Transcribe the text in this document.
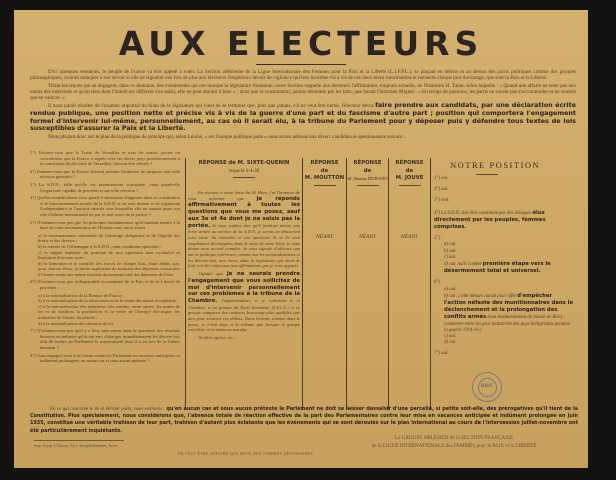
AUX ELECTEURS

D'ici quelques semaines, le peuple de France va être appelé à voter. La Section arlésienne de la Ligue Internationale des Femmes pour la Paix et la Liberté (L.I.F.P.L.), se plaçant en dehors et au dessus des partis politiques comme des groupes philosophiques, croirait manquer à son devoir si elle ne signalait une fois de plus aux électeurs l'impérieux devoir de vigilance qui leur incombe vis à vis de ces deux biens inestimables et menacés chaque jour davantage, que sont la Paix et la Liberté.

Tirant les leçons qui se dégagent, dans ce domaine, des événements qui ont marqué la législature finissante, notre Section rappelle aux électeurs l'affirmation, toujours actuelle, de l'historien H. Taine, selon laquelle : « Quand une affaire ne reste pas aux mains des intéressés et qu'un tiers dont l'intérêt est différent s'en saisit, elle ne peut aboutir à bien » ; ainsi que la constatation, jamais démentie par les faits, que faisait l'historien Mignet : « En temps de passions, les partis ne savent pas s'accommoder et ne veulent que se vaincre. »

Il nous paraît résulter de l'examen impartial du bilan de la législature qui vient de se terminer que, plus que jamais, s'il ne veut être berné, l'électeur devra faire prendre aux candidats, par une déclaration écrite rendue publique, une position nette et précise vis à vis de la guerre d'une part et du fascisme d'autre part ; position qui comportera l'engagement formel d'intervenir lui-même, personnellement, au cas où il serait élu, à la tribune du Parlement pour y déposer puis y défendre tous textes de lois susceptibles d'assurer la Paix et la Liberté.

Nous plaçant donc sur le plan de la politique de principe qui, selon Lénine, « est l'unique politique juste » nous avons adressé aux divers candidats le questionnaire suivant :

1°) Estimez-vous que le Traité de Versailles et tous les traités, pactes ou conventions que la France a signés avec les divers pays postérieurement à la conclusion du dit traité de Versailles, doivent être révisés ?
2°) Estimez-vous que la France doivent prendre l'initiative de proposer une telle révision générale ?
3°) La S.D.N., telle qu'elle est présentement constituée, vous paraît-elle l'organisme capable de procéder à une telle révision ?
4°) Quelles modifications vous paraît-il nécessaire d'apporter dans la constitution et le fonctionnement actuels de la S.D.N. si on veut donner à cet organisme l'indépendance et l'autorité morale sans lesquelles elle ne saurait jouer son rôle d'arbitre international ou par le seul souci de la justice ?
5°) N'estimez-vous pas que les principes fondamentaux qu'il faudrait mettre à la base de cette reconstruction de l'Europe sont, entre autres :
a) la reconnaissance solennelle de l'arbitrage obligatoire et de l'égalité des droits et des devoirs ;
b) la rentrée de l'Allemagne à la S.D.N., sans conditions spéciales ;
c) le rappel explicite du principe de non agression sans exclusive ni limitation d'aucune sorte ;
d) la limitation et le contrôle des forces de chaque Etat, étant admis que, pour chacun d'eux, la limite supérieure du montant des dépenses consacrées à l'armée serait une même fraction du montant total des dépenses de l'état.
6°) N'estimez-vous pas indispensable au maintien de la Paix et de la Liberté de procéder :
a) à la nationalisation de la Banque de France ;
b) à la nationalisation de la fabrication et de la vente des armes et explosifs ;
c) à la nationalisation des industries clés comme, entre autres, les mines de fer et de charbon, la production et la vente de l'énergie électrique, les industries de l'azote, du pétrole ;
d) à la nationalisation des chemins de fer.
7°) N'estimez-vous pas qu'il y a lieu, sans entrer dans le questions des résultats heureux ou néfastes qu'ils ont eus, d'abroger immédiatement les décrets-lois afin de rendre au Parlement la souveraineté dont il a eu tort de se laisser dessaisir ?
8°) Vous engagez-vous à ne laisser mettre le Parlement en vacances anticipées ou indûment prolongées, en aucun cas et sous aucun prétexte ?
RÉPONSE de M. SIXTE-QUENIN
reçue le 1-4-36
RÉPONSE
de
M. MOUTTON
RÉPONSE
de
M. Marius DURAND
RÉPONSE
de
M. JOUVE

En réponse à votre lettre du 30 Mars, j'ai l'honneur de vous informer que je réponds affirmativement à toutes les questions que vous me posez, sauf aux 3e et 4e dont je ne saisis pas la portée. Si vous vouliez dire qu'il faudrait mettre une force armée au service de la S.D.N. je serais en désaccord avec vous. Au contraire si vos questions 3e et 4e sont simplement développées dans le suite de votre lettre je vous donne mon accord complet. Je vous signale d'ailleurs que sur la politique extérieure, comme sur les nationalisations et les décrets-lois, mes votes, dans la législature qui vient de finir ont été conformes aux affirmations que je vous apporte.

J'ajoute que je ne saurais prendre l'engagement que vous sollicitez de moi d'intervenir personnellement sur ces problèmes à la tribune de la Chambre. J'appartiendrai, si je redeviens à la Chambre, à un groupe du Parti Socialiste (S.F.I.O.) et ce groupe comptera des orateurs beaucoup plus qualifiés que moi pour soutenir ces débats. Dans l'avenir, comme dans le passé, je n'irai donc à la tribune que lorsque le groupe socialiste m'en donnera mandat.

Veuillez agréer, etc...

NÉANT	NÉANT	NÉANT
NOTRE POSITION
1°) oui.
2°) oui.
3°) non.
4°) La S.D.N. doit être constituée par des délégués élus directement par les peuples, femmes comprises.
5°) :
a) oui.
b) oui.
c) oui.
d) oui, mais comme première étape vers le désarmement total et universel.
6°) :
a) oui.
b) oui ; cette mesure aurait pour effet d'empêcher l'action néfaste des munitionnaires dans le déclenchement et la prolongation des conflits armés (non bombardement du bassin de Briey ; commerce entre les gros industriels des pays belligérants pendant la guerre 1914-18.)
c) oui.
d) oui.
7°) oui.
BDIC
En ce qui concerne le 8e et dernier point, nous estimons : qu'en aucun cas et sous aucun prétexte le Parlement ne doit se laisser dessaisir d'une parcelle, si petite soit-elle, des prérogatives qu'il tient de la Constitution. Plus spécialement, nous considérons que, l'absence totale de réaction effective de la part des Parlementaires contre leur mise en vacances anticipée et indûment prolongée en juin 1935, constitue une véritable trahison de leur part, trahison d'autant plus éclatante que les événements qui se sont déroulés sur le plan international au cours de l'intersession juillet-novembre ont été particulièrement inquiétants.
Le GROUPE ARLÉSIEN de la SECTION FRANÇAISE
de la LIGUE INTERNATIONALE des FEMMES pour la PAIX et la LIBERTÉ
Imp. Coop. L'Union, 31, r. Joseph-Daoudet, Arles
NE PEUT-ÊTRE AFFICHÉ QUE MUNI DES TIMBRES NÉCESSAIRES
